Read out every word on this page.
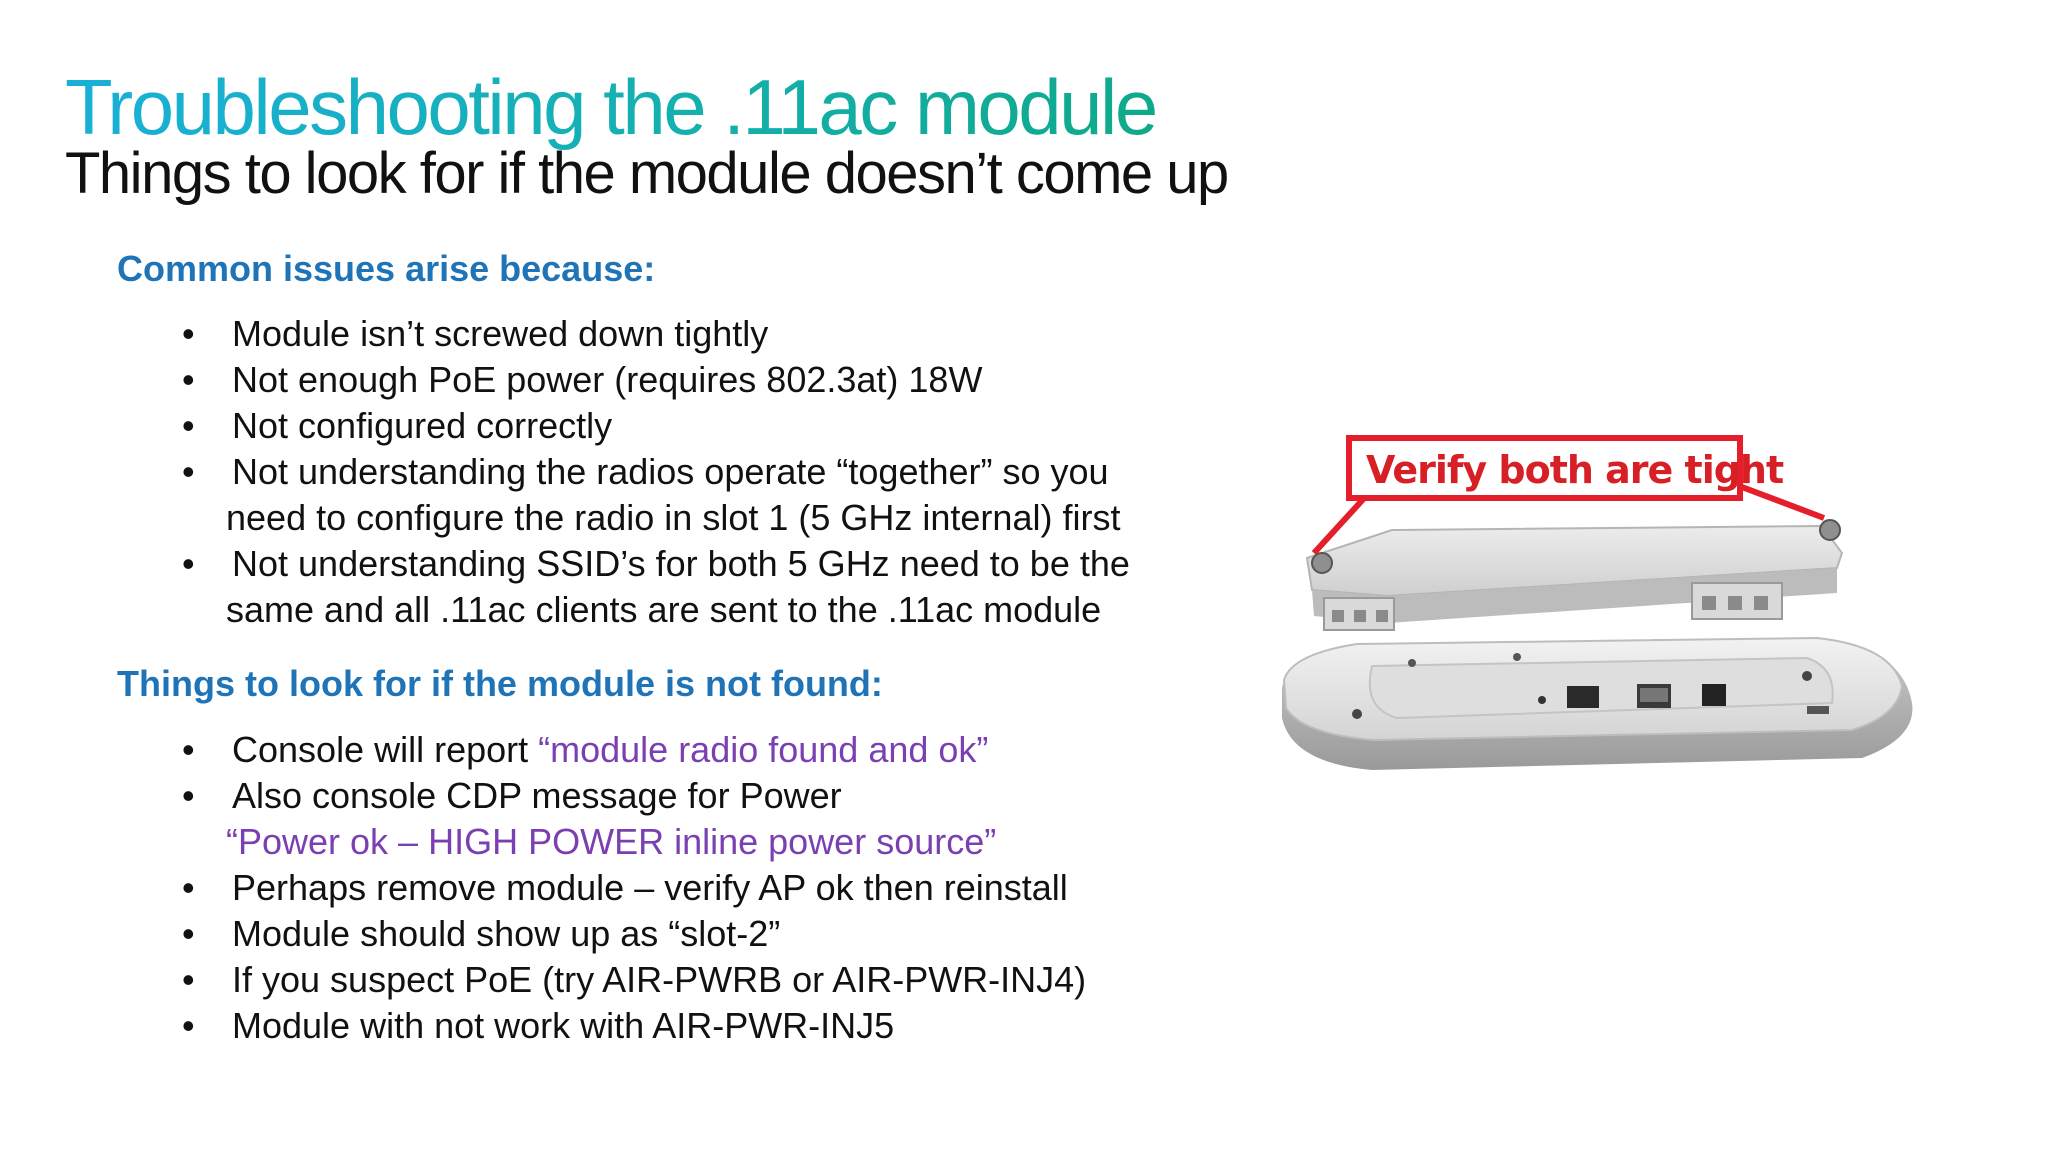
Troubleshooting the .11ac module
Things to look for if the module doesn’t come up
Common issues arise because:
• Module isn’t screwed down tightly
• Not enough PoE power (requires 802.3at) 18W
• Not configured correctly
• Not understanding the radios operate “together” so you
need to configure the radio in slot 1 (5 GHz internal) first
• Not understanding SSID’s for both 5 GHz need to be the
same and all .11ac clients are sent to the .11ac module
Things to look for if the module is not found:
• Console will report “module radio found and ok”
• Also console CDP message for Power
“Power ok – HIGH POWER inline power source”
• Perhaps remove module – verify AP ok then reinstall
• Module should show up as “slot-2”
• If you suspect PoE (try AIR-PWRB or AIR-PWR-INJ4)
• Module with not work with AIR-PWR-INJ5
Verify both are tight
